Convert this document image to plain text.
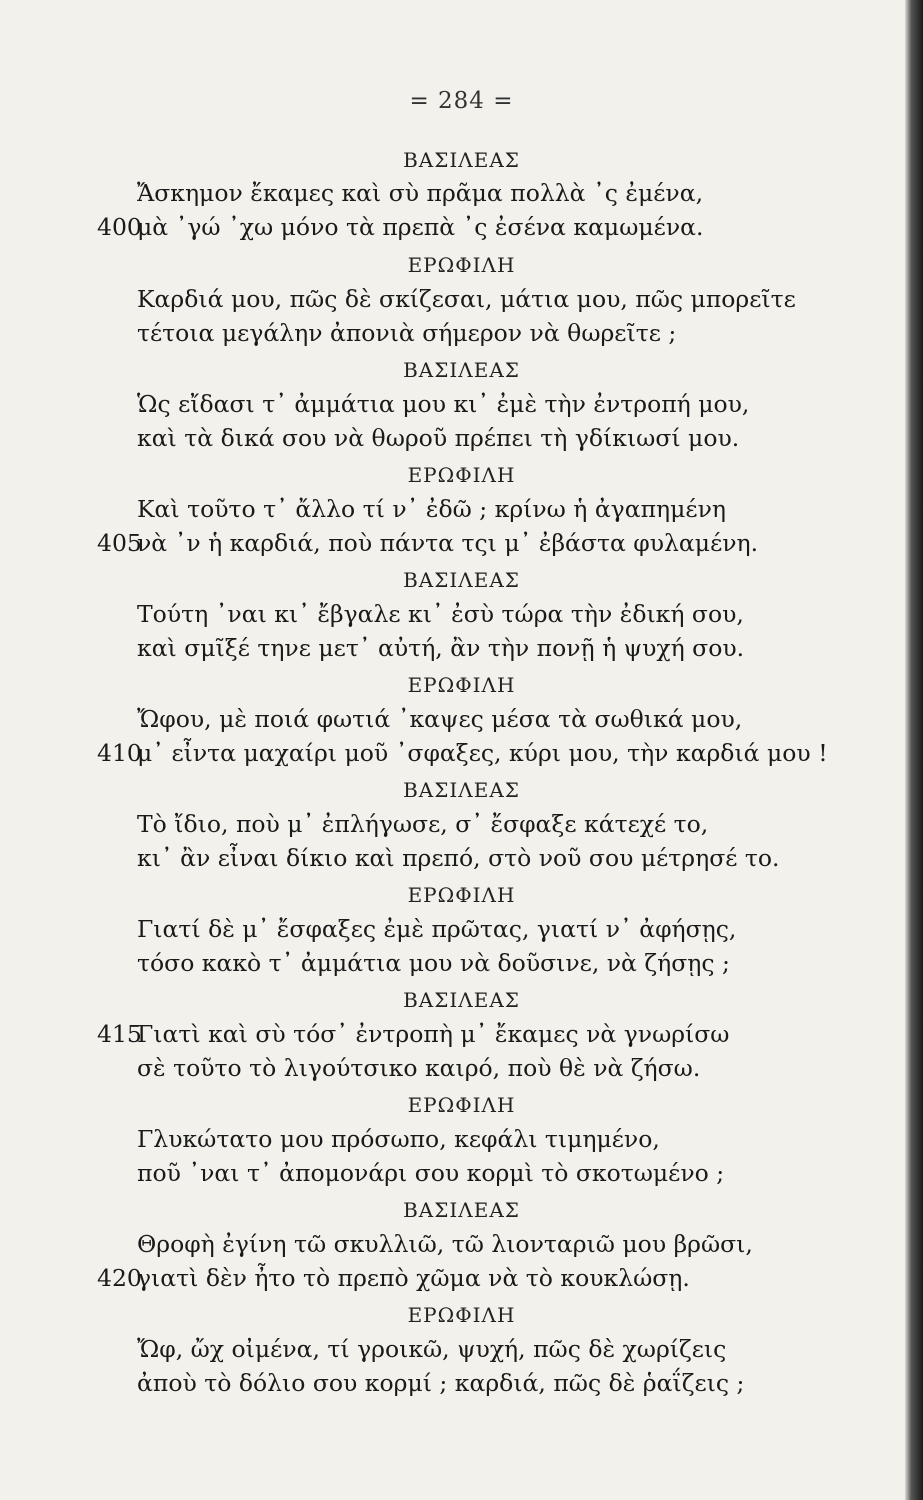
= 284 =
ΒΑΣΙΛΕΑΣ
Ἄσκημον ἔκαμες καὶ σὺ πρᾶμα πολλὰ ᾿ς ἐμένα,
400
μὰ ᾿γώ ᾿χω μόνο τὰ πρεπὰ ᾿ς ἐσένα καμωμένα.
ΕΡΩΦΙΛΗ
Καρδιά μου, πῶς δὲ σκίζεσαι, μάτια μου, πῶς μπορεῖτε
τέτοια μεγάλην ἀπονιὰ σήμερον νὰ θωρεῖτε ;
ΒΑΣΙΛΕΑΣ
Ὡς εἴδασι τ᾿ ἀμμάτια μου κι᾿ ἐμὲ τὴν ἐντροπή μου,
καὶ τὰ δικά σου νὰ θωροῦ πρέπει τὴ γδίκιωσί μου.
ΕΡΩΦΙΛΗ
Καὶ τοῦτο τ᾿ ἄλλο τί ν᾿ ἐδῶ ; κρίνω ἡ ἀγαπημένη
405
νὰ ᾿ν ἡ καρδιά, ποὺ πάντα τςι μ᾿ ἐβάστα φυλαμένη.
ΒΑΣΙΛΕΑΣ
Τούτη ᾿ναι κι᾿ ἔβγαλε κι᾿ ἐσὺ τώρα τὴν ἐδική σου,
καὶ σμῖξέ τηνε μετ᾿ αὐτή, ἂν τὴν πονῇ ἡ ψυχή σου.
ΕΡΩΦΙΛΗ
Ὤφου, μὲ ποιά φωτιά ᾿καψες μέσα τὰ σωθικά μου,
410
μ᾿ εἶντα μαχαίρι μοῦ ᾿σφαξες, κύρι μου, τὴν καρδιά μου !
ΒΑΣΙΛΕΑΣ
Τὸ ἴδιο, ποὺ μ᾿ ἐπλήγωσε, σ᾿ ἔσφαξε κάτεχέ το,
κι᾿ ἂν εἶναι δίκιο καὶ πρεπό, στὸ νοῦ σου μέτρησέ το.
ΕΡΩΦΙΛΗ
Γιατί δὲ μ᾿ ἔσφαξες ἐμὲ πρῶτας, γιατί ν᾿ ἀφήσῃς,
τόσο κακὸ τ᾿ ἀμμάτια μου νὰ δοῦσινε, νὰ ζήσῃς ;
ΒΑΣΙΛΕΑΣ
415
Γιατὶ καὶ σὺ τόσ᾿ ἐντροπὴ μ᾿ ἔκαμες νὰ γνωρίσω
σὲ τοῦτο τὸ λιγούτσικο καιρό, ποὺ θὲ νὰ ζήσω.
ΕΡΩΦΙΛΗ
Γλυκώτατο μου πρόσωπο, κεφάλι τιμημένο,
ποῦ ᾿ναι τ᾿ ἀπομονάρι σου κορμὶ τὸ σκοτωμένο ;
ΒΑΣΙΛΕΑΣ
Θροφὴ ἐγίνη τῶ σκυλλιῶ, τῶ λιονταριῶ μου βρῶσι,
420
γιατὶ δὲν ἦτο τὸ πρεπὸ χῶμα νὰ τὸ κουκλώσῃ.
ΕΡΩΦΙΛΗ
Ὤφ, ὤχ οἰμένα, τί γροικῶ, ψυχή, πῶς δὲ χωρίζεις
ἀποὺ τὸ δόλιο σου κορμί ; καρδιά, πῶς δὲ ῥαΐζεις ;
